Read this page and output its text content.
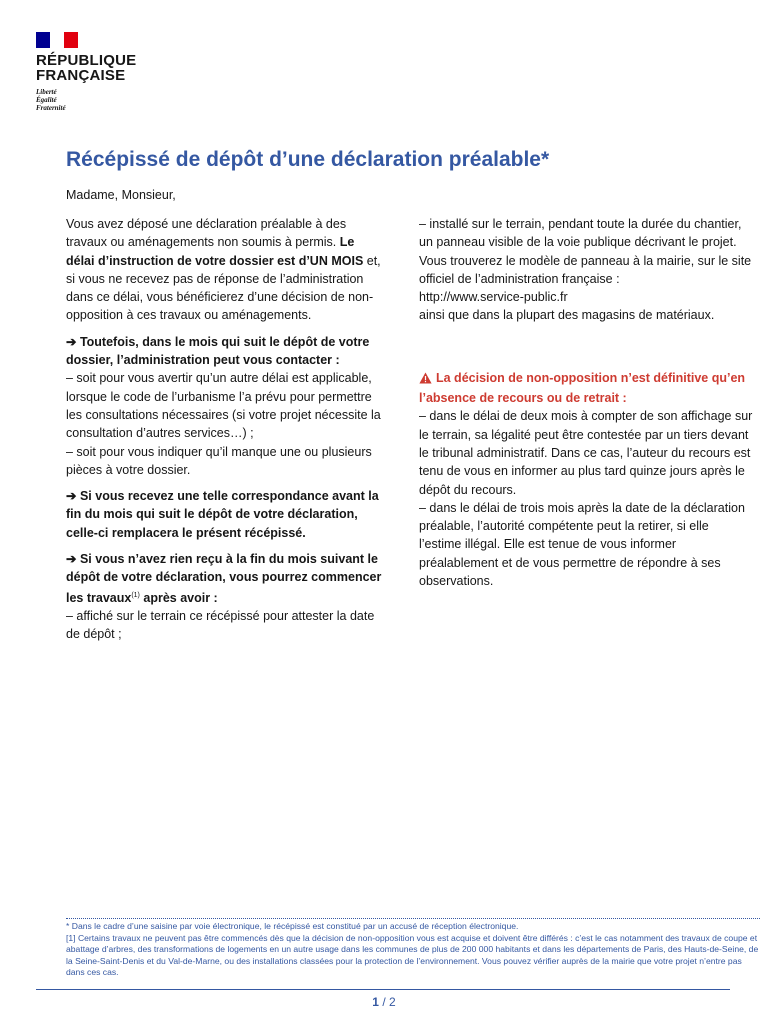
RÉPUBLIQUE
FRANÇAISE
Liberté
Égalité
Fraternité
Récépissé de dépôt d’une déclaration préalable*
Madame, Monsieur,

Vous avez déposé une déclaration préalable à des travaux ou aménagements non soumis à permis. Le délai d’instruction de votre dossier est d’UN MOIS et, si vous ne recevez pas de réponse de l’administration dans ce délai, vous bénéficierez d’une décision de non-opposition à ces travaux ou aménagements.

➔ Toutefois, dans le mois qui suit le dépôt de votre dossier, l’administration peut vous contacter :
– soit pour vous avertir qu’un autre délai est applicable, lorsque le code de l’urbanisme l’a prévu pour permettre les consultations nécessaires (si votre projet nécessite la consultation d’autres services…) ;
– soit pour vous indiquer qu’il manque une ou plusieurs pièces à votre dossier.

➔ Si vous recevez une telle correspondance avant la fin du mois qui suit le dépôt de votre déclaration, celle-ci remplacera le présent récépissé.

➔ Si vous n’avez rien reçu à la fin du mois suivant le dépôt de votre déclaration, vous pourrez commencer les travaux$^{(1)}$ après avoir :
– affiché sur le terrain ce récépissé pour attester la date de dépôt ;

– installé sur le terrain, pendant toute la durée du chantier, un panneau visible de la voie publique décrivant le projet. Vous trouverez le modèle de panneau à la mairie, sur le site officiel de l’administration française :
http://www.service-public.fr
ainsi que dans la plupart des magasins de matériaux.

La décision de non-opposition n’est définitive qu’en l’absence de recours ou de retrait :
– dans le délai de deux mois à compter de son affichage sur le terrain, sa légalité peut être contestée par un tiers devant le tribunal administratif. Dans ce cas, l’auteur du recours est tenu de vous en informer au plus tard quinze jours après le dépôt du recours.
– dans le délai de trois mois après la date de la déclaration préalable, l’autorité compétente peut la retirer, si elle l’estime illégal. Elle est tenue de vous informer préalablement et de vous permettre de répondre à ses observations.

* Dans le cadre d’une saisine par voie électronique, le récépissé est constitué par un accusé de réception électronique.

[1] Certains travaux ne peuvent pas être commencés dès que la décision de non-opposition vous est acquise et doivent être différés : c’est le cas notamment des travaux de coupe et abattage d’arbres, des transformations de logements en un autre usage dans les communes de plus de 200 000 habitants et dans les départements de Paris, des Hauts-de-Seine, de la Seine-Saint-Denis et du Val-de-Marne, ou des installations classées pour la protection de l’environnement. Vous pouvez vérifier auprès de la mairie que votre projet n’entre pas dans ces cas.

1 / 2
